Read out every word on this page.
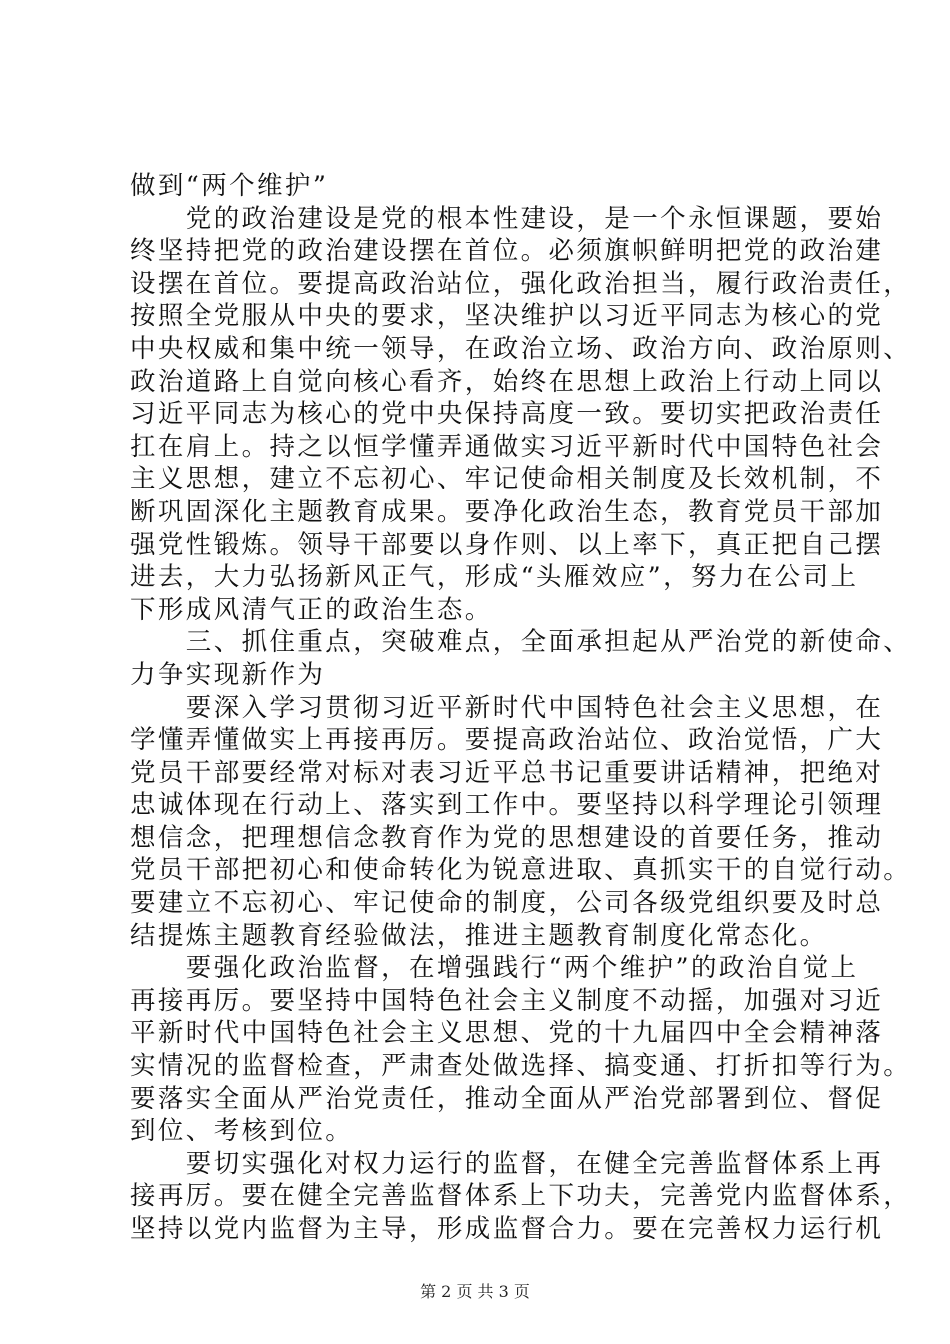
做到“两个维护”
　　党的政治建设是党的根本性建设，是一个永恒课题，要始
终坚持把党的政治建设摆在首位。必须旗帜鲜明把党的政治建
设摆在首位。要提高政治站位，强化政治担当，履行政治责任，
按照全党服从中央的要求，坚决维护以习近平同志为核心的党
中央权威和集中统一领导，在政治立场、政治方向、政治原则、
政治道路上自觉向核心看齐，始终在思想上政治上行动上同以
习近平同志为核心的党中央保持高度一致。要切实把政治责任
扛在肩上。持之以恒学懂弄通做实习近平新时代中国特色社会
主义思想，建立不忘初心、牢记使命相关制度及长效机制，不
断巩固深化主题教育成果。要净化政治生态，教育党员干部加
强党性锻炼。领导干部要以身作则、以上率下，真正把自己摆
进去，大力弘扬新风正气，形成“头雁效应”，努力在公司上
下形成风清气正的政治生态。
　　三、抓住重点，突破难点，全面承担起从严治党的新使命、
力争实现新作为
　　要深入学习贯彻习近平新时代中国特色社会主义思想，在
学懂弄懂做实上再接再厉。要提高政治站位、政治觉悟，广大
党员干部要经常对标对表习近平总书记重要讲话精神，把绝对
忠诚体现在行动上、落实到工作中。要坚持以科学理论引领理
想信念，把理想信念教育作为党的思想建设的首要任务，推动
党员干部把初心和使命转化为锐意进取、真抓实干的自觉行动。
要建立不忘初心、牢记使命的制度，公司各级党组织要及时总
结提炼主题教育经验做法，推进主题教育制度化常态化。
　　要强化政治监督，在增强践行“两个维护”的政治自觉上
再接再厉。要坚持中国特色社会主义制度不动摇，加强对习近
平新时代中国特色社会主义思想、党的十九届四中全会精神落
实情况的监督检查，严肃查处做选择、搞变通、打折扣等行为。
要落实全面从严治党责任，推动全面从严治党部署到位、督促
到位、考核到位。
　　要切实强化对权力运行的监督，在健全完善监督体系上再
接再厉。要在健全完善监督体系上下功夫，完善党内监督体系，
坚持以党内监督为主导，形成监督合力。要在完善权力运行机
第 2 页 共 3 页
